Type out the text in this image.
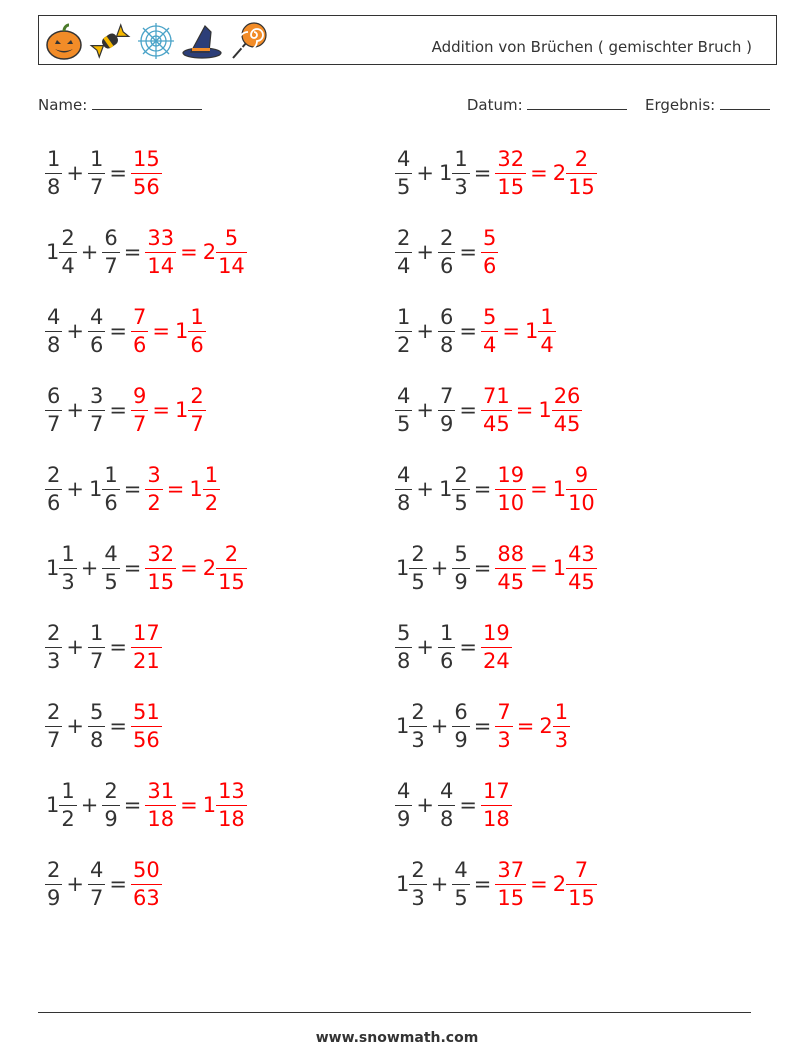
Addition von Brüchen ( gemischter Bruch )
Name:	Datum:	Ergebnis:
$\frac{1}{8} + \frac{1}{7} = \frac{15}{56}$	$\frac{4}{5} + 1 \frac{1}{3} = \frac{32}{15} = 2 \frac{2}{15}$
$1 \frac{2}{4} + \frac{6}{7} = \frac{33}{14} = 2 \frac{5}{14}$	$\frac{2}{4} + \frac{2}{6} = \frac{5}{6}$
$\frac{4}{8} + \frac{4}{6} = \frac{7}{6} = 1 \frac{1}{6}$	$\frac{1}{2} + \frac{6}{8} = \frac{5}{4} = 1 \frac{1}{4}$
$\frac{6}{7} + \frac{3}{7} = \frac{9}{7} = 1 \frac{2}{7}$	$\frac{4}{5} + \frac{7}{9} = \frac{71}{45} = 1 \frac{26}{45}$
$\frac{2}{6} + 1 \frac{1}{6} = \frac{3}{2} = 1 \frac{1}{2}$	$\frac{4}{8} + 1 \frac{2}{5} = \frac{19}{10} = 1 \frac{9}{10}$
$1 \frac{1}{3} + \frac{4}{5} = \frac{32}{15} = 2 \frac{2}{15}$	$1 \frac{2}{5} + \frac{5}{9} = \frac{88}{45} = 1 \frac{43}{45}$
$\frac{2}{3} + \frac{1}{7} = \frac{17}{21}$	$\frac{5}{8} + \frac{1}{6} = \frac{19}{24}$
$\frac{2}{7} + \frac{5}{8} = \frac{51}{56}$	$1 \frac{2}{3} + \frac{6}{9} = \frac{7}{3} = 2 \frac{1}{3}$
$1 \frac{1}{2} + \frac{2}{9} = \frac{31}{18} = 1 \frac{13}{18}$	$\frac{4}{9} + \frac{4}{8} = \frac{17}{18}$
$\frac{2}{9} + \frac{4}{7} = \frac{50}{63}$	$1 \frac{2}{3} + \frac{4}{5} = \frac{37}{15} = 2 \frac{7}{15}$
www.snowmath.com
